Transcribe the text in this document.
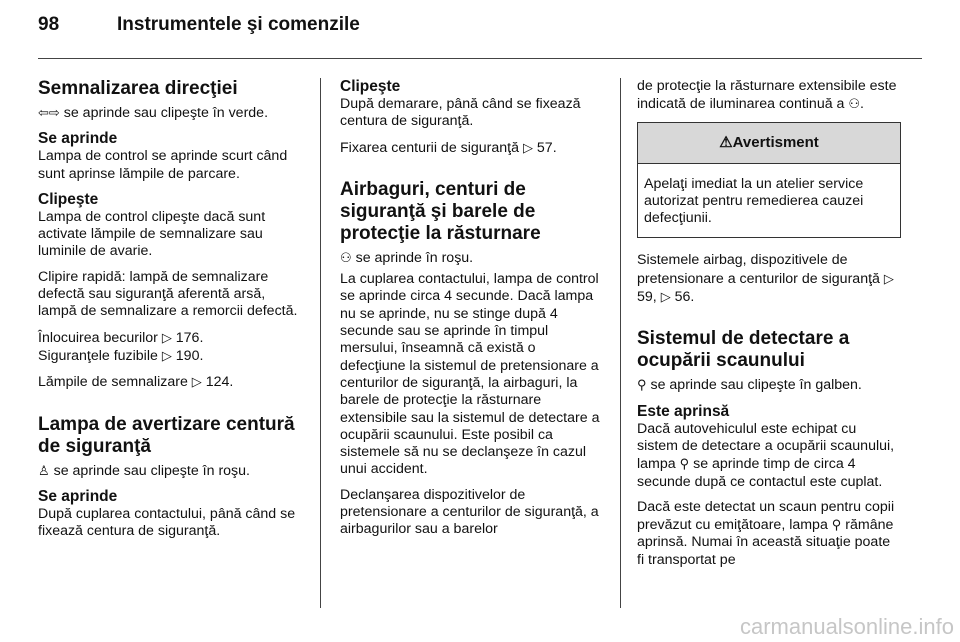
98	Instrumentele şi comenzile
Semnalizarea direcţiei

⇦⇨ se aprinde sau clipeşte în verde.

Se aprinde

Lampa de control se aprinde scurt când sunt aprinse lămpile de parcare.

Clipeşte

Lampa de control clipeşte dacă sunt activate lămpile de semnalizare sau luminile de avarie.

Clipire rapidă: lampă de semnalizare defectă sau siguranţă aferentă arsă, lampă de semnalizare a remorcii defectă.

Înlocuirea becurilor ▷ 176.

Siguranţele fuzibile ▷ 190.

Lămpile de semnalizare ▷ 124.

Lampa de avertizare centură de siguranţă

♙ se aprinde sau clipeşte în roşu.

Se aprinde

După cuplarea contactului, până când se fixează centura de siguranţă.

Clipeşte

După demarare, până când se fixează centura de siguranţă.

Fixarea centurii de siguranţă ▷ 57.

Airbaguri, centuri de siguranţă şi barele de protecţie la răsturnare

⚇ se aprinde în roşu.

La cuplarea contactului, lampa de control se aprinde circa 4 secunde. Dacă lampa nu se aprinde, nu se stinge după 4 secunde sau se aprinde în timpul mersului, înseamnă că există o defecţiune la sistemul de pretensionare a centurilor de siguranţă, la airbaguri, la barele de protecţie la răsturnare extensibile sau la sistemul de detectare a ocupării scaunului. Este posibil ca sistemele să nu se declanşeze în cazul unui accident.

Declanşarea dispozitivelor de pretensionare a centurilor de siguranţă, a airbagurilor sau a barelor

de protecţie la răsturnare extensibile este indicată de iluminarea continuă a ⚇.

⚠Avertisment
Apelaţi imediat la un atelier service autorizat pentru remedierea cauzei defecţiunii.

Sistemele airbag, dispozitivele de pretensionare a centurilor de siguranţă ▷ 59, ▷ 56.

Sistemul de detectare a ocupării scaunului

⚲ se aprinde sau clipeşte în galben.

Este aprinsă

Dacă autovehiculul este echipat cu sistem de detectare a ocupării scaunului, lampa ⚲ se aprinde timp de circa 4 secunde după ce contactul este cuplat.

Dacă este detectat un scaun pentru copii prevăzut cu emiţătoare, lampa ⚲ rămâne aprinsă. Numai în această situaţie poate fi transportat pe

carmanualsonline.info
